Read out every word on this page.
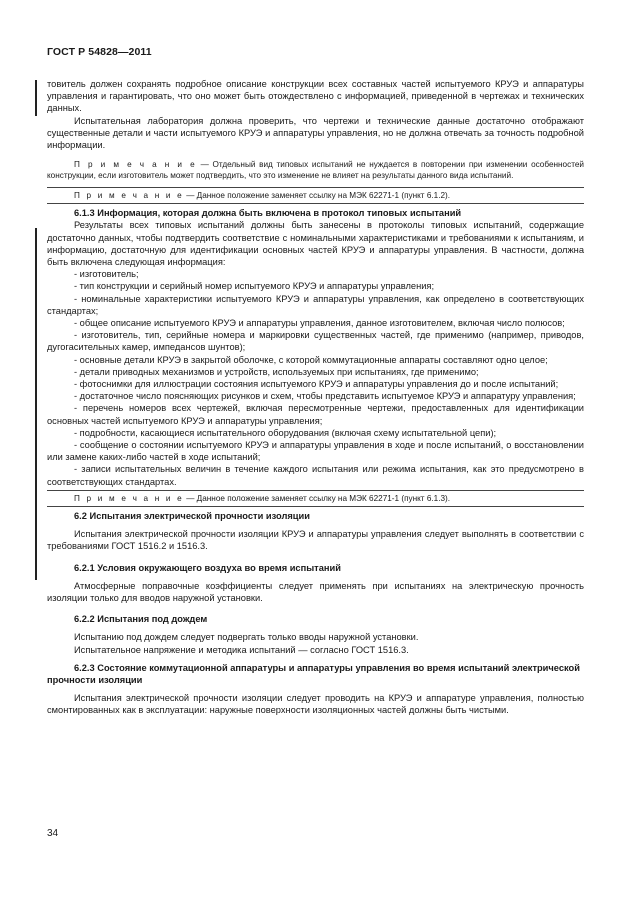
ГОСТ Р 54828—2011

товитель должен сохранять подробное описание конструкции всех составных частей испытуемого КРУЭ и аппаратуры управления и гарантировать, что оно может быть отождествлено с информацией, приведенной в чертежах и технических данных.

Испытательная лаборатория должна проверить, что чертежи и технические данные достаточно отображают существенные детали и части испытуемого КРУЭ и аппаратуры управления, но не должна отвечать за точность подробной информации.

П р и м е ч а н и е — Отдельный вид типовых испытаний не нуждается в повторении при изменении особенностей конструкции, если изготовитель может подтвердить, что это изменение не влияет на результаты данного вида испытаний.

П р и м е ч а н и е — Данное положение заменяет ссылку на МЭК 62271-1 (пункт 6.1.2).
6.1.3 Информация, которая должна быть включена в протокол типовых испытаний

Результаты всех типовых испытаний должны быть занесены в протоколы типовых испытаний, содержащие достаточно данных, чтобы подтвердить соответствие с номинальными характеристиками и требованиями к испытаниям, и информацию, достаточную для идентификации основных частей КРУЭ и аппаратуры управления. В частности, должна быть включена следующая информация:

- изготовитель;

- тип конструкции и серийный номер испытуемого КРУЭ и аппаратуры управления;

- номинальные характеристики испытуемого КРУЭ и аппаратуры управления, как определено в соответствующих стандартах;

- общее описание испытуемого КРУЭ и аппаратуры управления, данное изготовителем, включая число полюсов;

- изготовитель, тип, серийные номера и маркировки существенных частей, где применимо (например, приводов, дугогасительных камер, импедансов шунтов);

- основные детали КРУЭ в закрытой оболочке, с которой коммутационные аппараты составляют одно целое;

- детали приводных механизмов и устройств, используемых при испытаниях, где применимо;

- фотоснимки для иллюстрации состояния испытуемого КРУЭ и аппаратуры управления до и после испытаний;

- достаточное число поясняющих рисунков и схем, чтобы представить испытуемое КРУЭ и аппаратуру управления;

- перечень номеров всех чертежей, включая пересмотренные чертежи, предоставленных для идентификации основных частей испытуемого КРУЭ и аппаратуры управления;

- подробности, касающиеся испытательного оборудования (включая схему испытательной цепи);

- сообщение о состоянии испытуемого КРУЭ и аппаратуры управления в ходе и после испытаний, о восстановлении или замене каких-либо частей в ходе испытаний;

- записи испытательных величин в течение каждого испытания или режима испытания, как это предусмотрено в соответствующих стандартах.

П р и м е ч а н и е — Данное положение заменяет ссылку на МЭК 62271-1 (пункт 6.1.3).
6.2 Испытания электрической прочности изоляции

Испытания электрической прочности изоляции КРУЭ и аппаратуры управления следует выполнять в соответствии с требованиями ГОСТ 1516.2 и 1516.3.

6.2.1 Условия окружающего воздуха во время испытаний

Атмосферные поправочные коэффициенты следует применять при испытаниях на электрическую прочность изоляции только для вводов наружной установки.

6.2.2 Испытания под дождем

Испытанию под дождем следует подвергать только вводы наружной установки.

Испытательное напряжение и методика испытаний — согласно ГОСТ 1516.3.

6.2.3 Состояние коммутационной аппаратуры и аппаратуры управления во время испытаний электрической прочности изоляции

Испытания электрической прочности изоляции следует проводить на КРУЭ и аппаратуре управления, полностью смонтированных как в эксплуатации: наружные поверхности изоляционных частей должны быть чистыми.

34
